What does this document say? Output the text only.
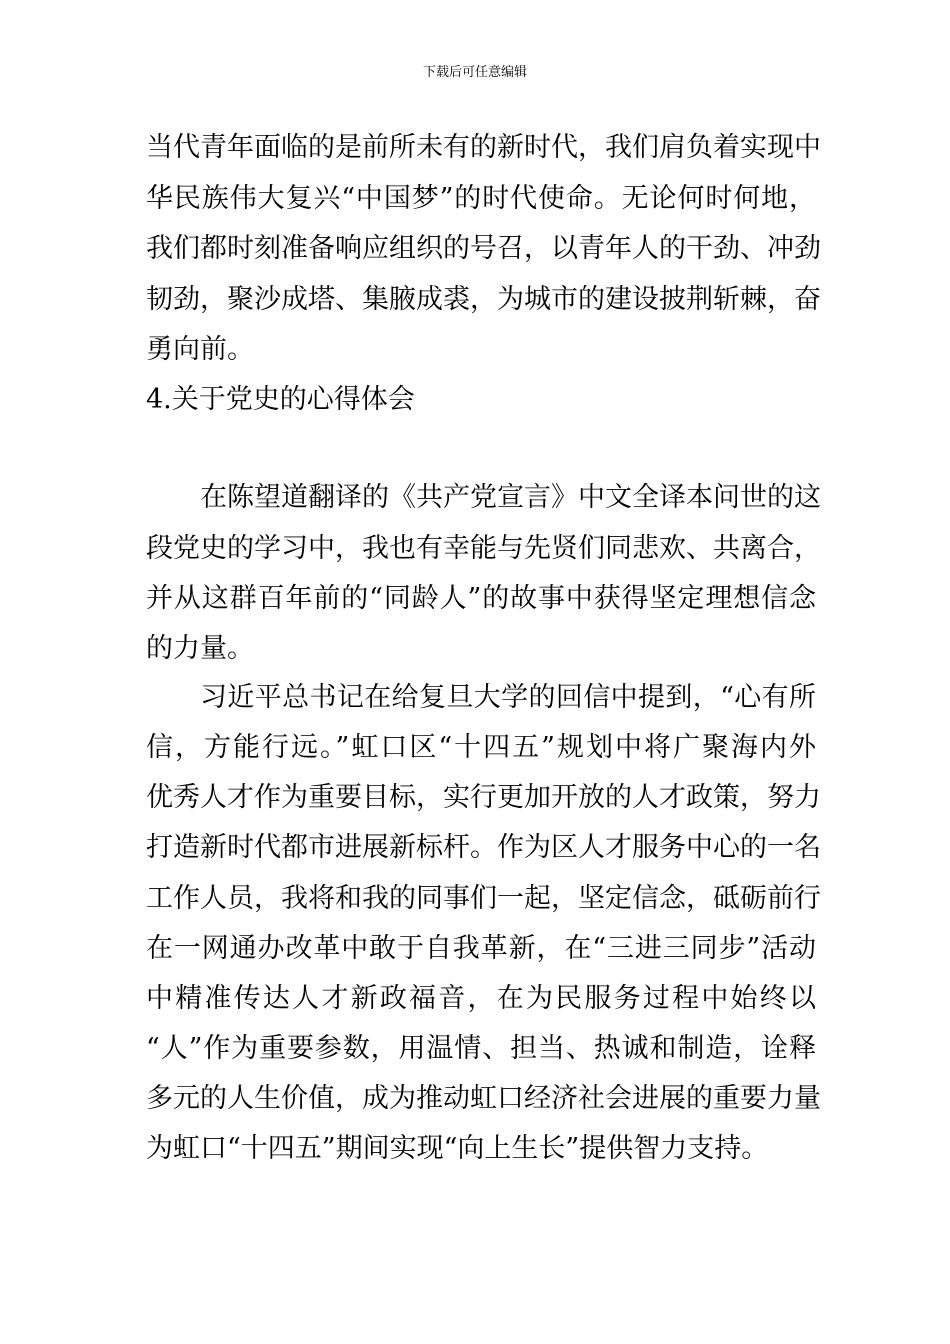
下载后可任意编辑
当代青年面临的是前所未有的新时代，我们肩负着实现中
华民族伟大复兴“中国梦”的时代使命。无论何时何地，
我们都时刻准备响应组织的号召，以青年人的干劲、冲劲
韧劲，聚沙成塔、集腋成裘，为城市的建设披荆斩棘，奋
勇向前。
4.关于党史的心得体会
在陈望道翻译的《共产党宣言》中文全译本问世的这
段党史的学习中，我也有幸能与先贤们同悲欢、共离合，
并从这群百年前的“同龄人”的故事中获得坚定理想信念
的力量。
习近平总书记在给复旦大学的回信中提到，“心有所
信，方能行远。”虹口区“十四五”规划中将广聚海内外
优秀人才作为重要目标，实行更加开放的人才政策，努力
打造新时代都市进展新标杆。作为区人才服务中心的一名
工作人员，我将和我的同事们一起，坚定信念，砥砺前行
在一网通办改革中敢于自我革新，在“三进三同步”活动
中精准传达人才新政福音，在为民服务过程中始终以
“人”作为重要参数，用温情、担当、热诚和制造，诠释
多元的人生价值，成为推动虹口经济社会进展的重要力量
为虹口“十四五”期间实现“向上生长”提供智力支持。
